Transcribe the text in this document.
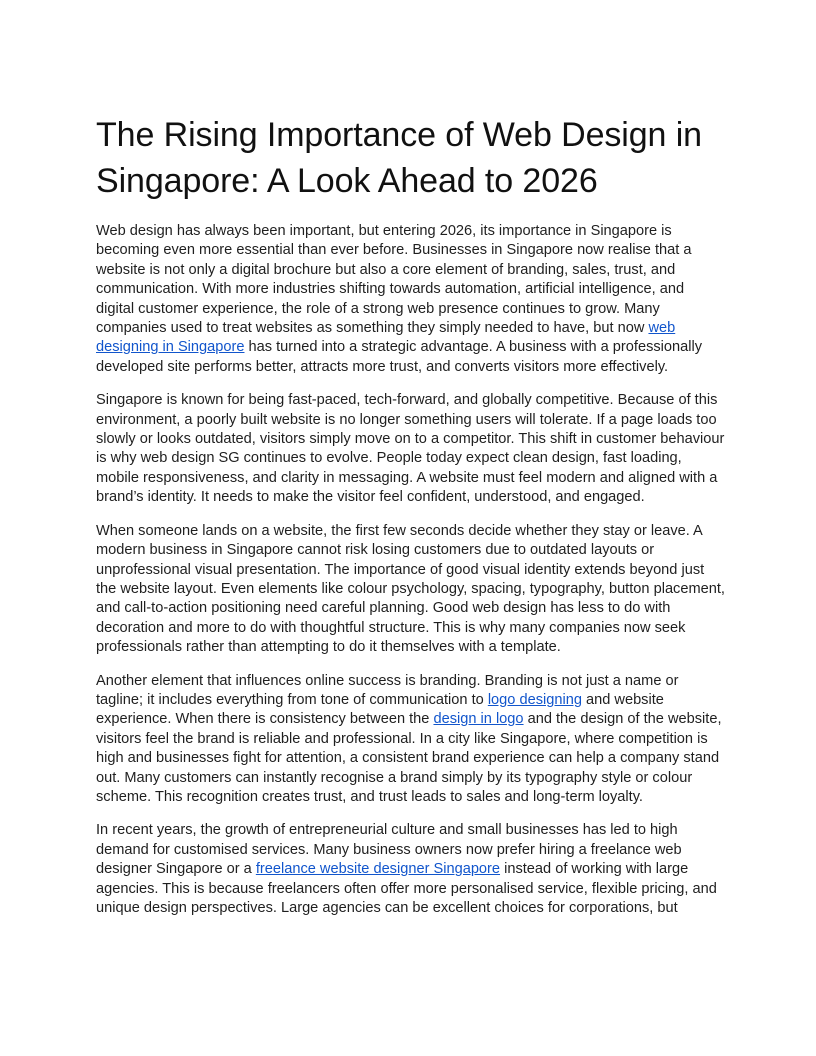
The Rising Importance of Web Design in Singapore: A Look Ahead to 2026

Web design has always been important, but entering 2026, its importance in Singapore is becoming even more essential than ever before. Businesses in Singapore now realise that a website is not only a digital brochure but also a core element of branding, sales, trust, and communication. With more industries shifting towards automation, artificial intelligence, and digital customer experience, the role of a strong web presence continues to grow. Many companies used to treat websites as something they simply needed to have, but now web designing in Singapore has turned into a strategic advantage. A business with a professionally developed site performs better, attracts more trust, and converts visitors more effectively.

Singapore is known for being fast-paced, tech-forward, and globally competitive. Because of this environment, a poorly built website is no longer something users will tolerate. If a page loads too slowly or looks outdated, visitors simply move on to a competitor. This shift in customer behaviour is why web design SG continues to evolve. People today expect clean design, fast loading, mobile responsiveness, and clarity in messaging. A website must feel modern and aligned with a brand’s identity. It needs to make the visitor feel confident, understood, and engaged.

When someone lands on a website, the first few seconds decide whether they stay or leave. A modern business in Singapore cannot risk losing customers due to outdated layouts or unprofessional visual presentation. The importance of good visual identity extends beyond just the website layout. Even elements like colour psychology, spacing, typography, button placement, and call-to-action positioning need careful planning. Good web design has less to do with decoration and more to do with thoughtful structure. This is why many companies now seek professionals rather than attempting to do it themselves with a template.

Another element that influences online success is branding. Branding is not just a name or tagline; it includes everything from tone of communication to logo designing and website experience. When there is consistency between the design in logo and the design of the website, visitors feel the brand is reliable and professional. In a city like Singapore, where competition is high and businesses fight for attention, a consistent brand experience can help a company stand out. Many customers can instantly recognise a brand simply by its typography style or colour scheme. This recognition creates trust, and trust leads to sales and long-term loyalty.

In recent years, the growth of entrepreneurial culture and small businesses has led to high demand for customised services. Many business owners now prefer hiring a freelance web designer Singapore or a freelance website designer Singapore instead of working with large agencies. This is because freelancers often offer more personalised service, flexible pricing, and unique design perspectives. Large agencies can be excellent choices for corporations, but
